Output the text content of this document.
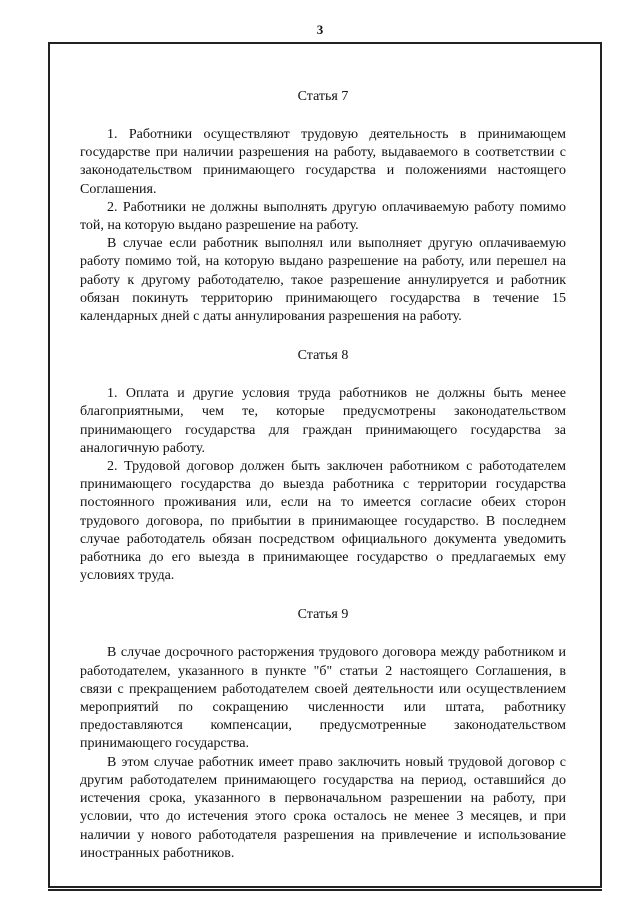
3
Статья 7

1. Работники осуществляют трудовую деятельность в принимающем государстве при наличии разрешения на работу, выдаваемого в соответствии с законодательством принимающего государства и положениями настоящего Соглашения.

2. Работники не должны выполнять другую оплачиваемую работу помимо той, на которую выдано разрешение на работу.

В случае если работник выполнял или выполняет другую оплачиваемую работу помимо той, на которую выдано разрешение на работу, или перешел на работу к другому работодателю, такое разрешение аннулируется и работник обязан покинуть территорию принимающего государства в течение 15 календарных дней с даты аннулирования разрешения на работу.

Статья 8

1. Оплата и другие условия труда работников не должны быть менее благоприятными, чем те, которые предусмотрены законодательством принимающего государства для граждан принимающего государства за аналогичную работу.

2. Трудовой договор должен быть заключен работником с работодателем принимающего государства до выезда работника с территории государства постоянного проживания или, если на то имеется согласие обеих сторон трудового договора, по прибытии в принимающее государство. В последнем случае работодатель обязан посредством официального документа уведомить работника до его выезда в принимающее государство о предлагаемых ему условиях труда.

Статья 9

В случае досрочного расторжения трудового договора между работником и работодателем, указанного в пункте "б" статьи 2 настоящего Соглашения, в связи с прекращением работодателем своей деятельности или осуществлением мероприятий по сокращению численности или штата, работнику предоставляются компенсации, предусмотренные законодательством принимающего государства.

В этом случае работник имеет право заключить новый трудовой договор с другим работодателем принимающего государства на период, оставшийся до истечения срока, указанного в первоначальном разрешении на работу, при условии, что до истечения этого срока осталось не менее 3 месяцев, и при наличии у нового работодателя разрешения на привлечение и использование иностранных работников.
